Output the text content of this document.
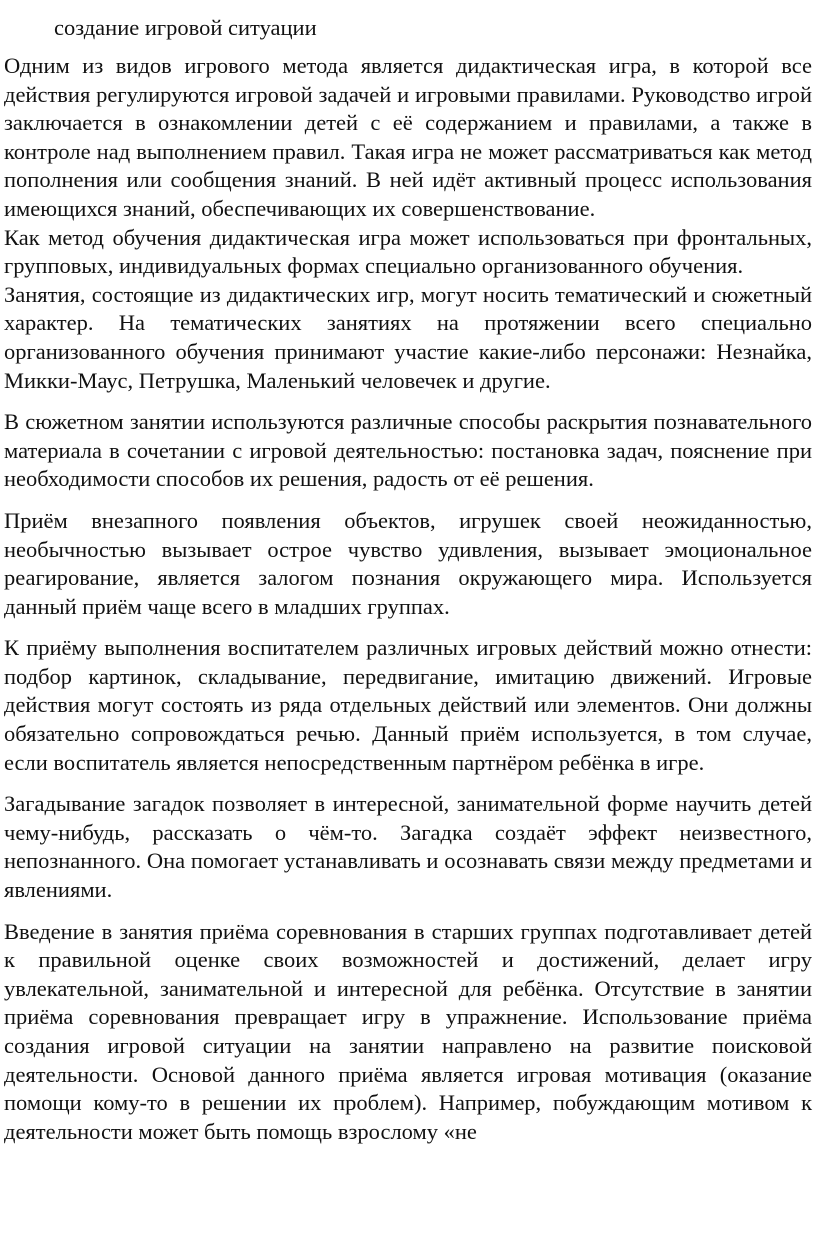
создание игровой ситуации

Одним из видов игрового метода является дидактическая игра, в которой все действия регулируются игровой задачей и игровыми правилами. Руководство игрой заключается в ознакомлении детей с её содержанием и правилами, а также в контроле над выполнением правил. Такая игра не может рассматриваться как метод пополнения или сообщения знаний. В ней идёт активный процесс использования имеющихся знаний, обеспечивающих их совершенствование.

Как метод обучения дидактическая игра может использоваться при фронтальных, групповых, индивидуальных формах специально организованного обучения.

Занятия, состоящие из дидактических игр, могут носить тематический и сюжетный характер. На тематических занятиях на протяжении всего специально организованного обучения принимают участие какие-либо персонажи: Незнайка, Микки-Маус, Петрушка, Маленький человечек и другие.

В сюжетном занятии используются различные способы раскрытия познавательного материала в сочетании с игровой деятельностью: постановка задач, пояснение при необходимости способов их решения, радость от её решения.

Приём внезапного появления объектов, игрушек своей неожиданностью, необычностью вызывает острое чувство удивления, вызывает эмоциональное реагирование, является залогом познания окружающего мира. Используется данный приём чаще всего в младших группах.

К приёму выполнения воспитателем различных игровых действий можно отнести: подбор картинок, складывание, передвигание, имитацию движений. Игровые действия могут состоять из ряда отдельных действий или элементов. Они должны обязательно сопровождаться речью. Данный приём используется, в том случае, если воспитатель является непосредственным партнёром ребёнка в игре.

Загадывание загадок позволяет в интересной, занимательной форме научить детей чему-нибудь, рассказать о чём-то. Загадка создаёт эффект неизвестного, непознанного. Она помогает устанавливать и осознавать связи между предметами и явлениями.

Введение в занятия приёма соревнования в старших группах подготавливает детей к правильной оценке своих возможностей и достижений, делает игру увлекательной, занимательной и интересной для ребёнка. Отсутствие в занятии приёма соревнования превращает игру в упражнение. Использование приёма создания игровой ситуации на занятии направлено на развитие поисковой деятельности. Основой данного приёма является игровая мотивация (оказание помощи кому-то в решении их проблем). Например, побуждающим мотивом к деятельности может быть помощь взрослому «не
